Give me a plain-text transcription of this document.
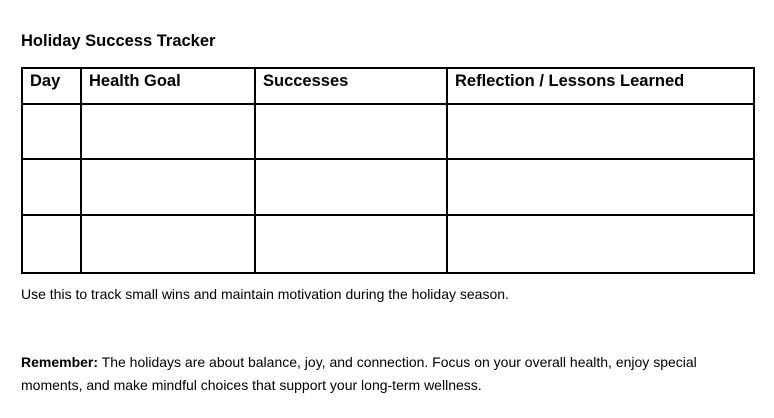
Holiday Success Tracker
Day	Health Goal	Successes	Reflection / Lessons Learned

Use this to track small wins and maintain motivation during the holiday season.
Remember: The holidays are about balance, joy, and connection. Focus on your overall health, enjoy special moments, and make mindful choices that support your long-term wellness.
